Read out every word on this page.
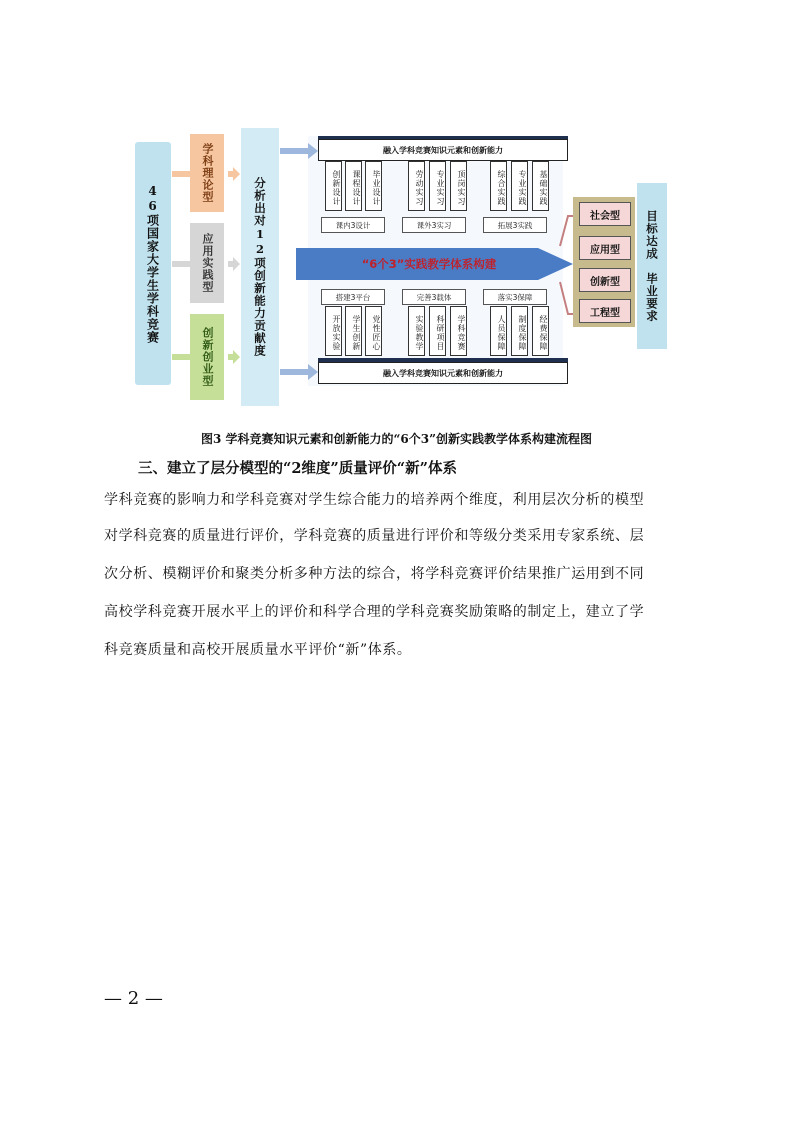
46项国家大学生学科竞赛
学科理论型
应用实践型
创新创业型	分析出对12项创新能力贡献度
融入学科竞赛知识元素和创新能力
融入学科竞赛知识元素和创新能力
创新设计	课程设计	毕业设计	劳动实习	专业实习	顶岗实习	综合实践	专业实践	基础实践
课内3设计	课外3实习	拓展3实践
“6个3”实践教学体系构建
搭建3平台	完善3载体	落实3保障
开放实验	学生创新	党性匠心	实验教学	科研项目	学科竞赛	人员保障	制度保障	经费保障
社会型
应用型
创新型
工程型 目标达成　毕业要求
图3 学科竞赛知识元素和创新能力的“6个3”创新实践教学体系构建流程图
三、建立了层分模型的“2维度”质量评价“新”体系
学科竞赛的影响力和学科竞赛对学生综合能力的培养两个维度，利用层次分析的模型
对学科竞赛的质量进行评价，学科竞赛的质量进行评价和等级分类采用专家系统、层
次分析、模糊评价和聚类分析多种方法的综合，将学科竞赛评价结果推广运用到不同
高校学科竞赛开展水平上的评价和科学合理的学科竞赛奖励策略的制定上，建立了学
科竞赛质量和高校开展质量水平评价“新”体系。
— 2 —
